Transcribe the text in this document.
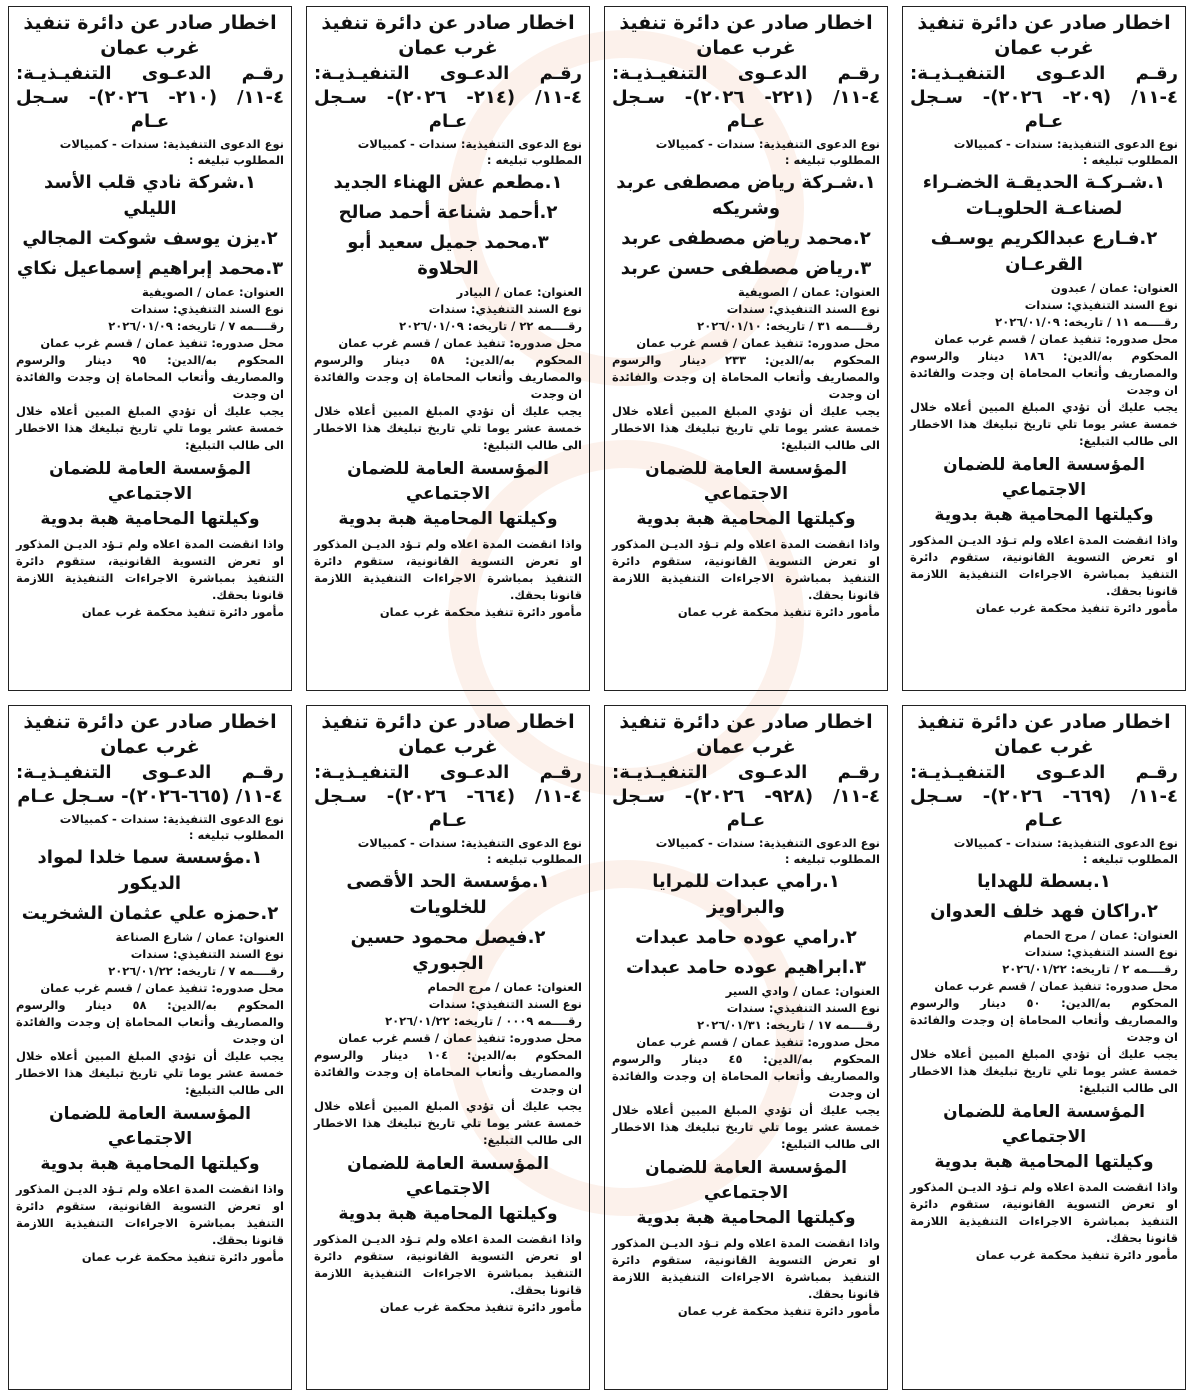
اخطار صادر عن دائرة تنفيذ غرب عمان

رقـم الدعـوى التنفيـذيـة: ٤-١١/ (٢٠٩- ٢٠٢٦)- سـجل عـام

نوع الدعوى التنفيذية: سندات - كمبيالات

المطلوب تبليغه :

١.شـركـة الحديقـة الخضـراء لصناعـة الحلويـات

٢.فـارع عبدالكريم يوسـف القرعـان

العنوان: عمان / عبدون

نوع السند التنفيذي: سندات

رقــــمه ١١ / تاريخه: ٢٠٢٦/٠١/٠٩

محل صدوره: تنفيذ عمان / قسم غرب عمان

المحكوم به/الدين: ١٨٦ دينار والرسوم والمصاريف وأتعاب المحاماة إن وجدت والفائدة ان وجدت

يجب عليك أن تؤدي المبلغ المبين أعلاه خلال خمسة عشر يوما تلي تاريخ تبليغك هذا الاخطار الى طالب التبليغ:

المؤسسة العامة للضمان الاجتماعي

وكيلتها المحامية هبة بدوية

واذا انقضت المدة اعلاه ولم تـؤد الديـن المذكور او تعرض التسوية القانونية، ستقوم دائرة التنفيذ بمباشرة الاجراءات التنفيذية اللازمة قانونا بحقك.

مأمور دائرة تنفيذ محكمة غرب عمان

اخطار صادر عن دائرة تنفيذ غرب عمان

رقـم الدعـوى التنفيـذيـة: ٤-١١/ (٢٢١- ٢٠٢٦)- سـجل عـام

نوع الدعوى التنفيذية: سندات - كمبيالات

المطلوب تبليغه :

١.شـركة رياض مصطفى عربد وشريكه

٢.محمد رياض مصطفى عربد

٣.رياض مصطفى حسن عربد

العنوان: عمان / الصويفية

نوع السند التنفيذي: سندات

رقــــمه ٣١ / تاريخه: ٢٠٢٦/٠١/١٠

محل صدوره: تنفيذ عمان / قسم غرب عمان

المحكوم به/الدين: ٢٣٣ دينار والرسوم والمصاريف وأتعاب المحاماة إن وجدت والفائدة ان وجدت

يجب عليك أن تؤدي المبلغ المبين أعلاه خلال خمسة عشر يوما تلي تاريخ تبليغك هذا الاخطار الى طالب التبليغ:

المؤسسة العامة للضمان الاجتماعي

وكيلتها المحامية هبة بدوية

واذا انقضت المدة اعلاه ولم تـؤد الديـن المذكور او تعرض التسوية القانونية، ستقوم دائرة التنفيذ بمباشرة الاجراءات التنفيذية اللازمة قانونا بحقك.

مأمور دائرة تنفيذ محكمة غرب عمان

اخطار صادر عن دائرة تنفيذ غرب عمان

رقـم الدعـوى التنفيـذيـة: ٤-١١/ (٢١٤- ٢٠٢٦)- سـجل عـام

نوع الدعوى التنفيذية: سندات - كمبيالات

المطلوب تبليغه :

١.مطعم عش الهناء الجديد

٢.أحمد شناعة أحمد صالح

٣.محمد جميل سعيد أبو الحلاوة

العنوان: عمان / البيادر

نوع السند التنفيذي: سندات

رقــــمه ٢٢ / تاريخه: ٢٠٢٦/٠١/٠٩

محل صدوره: تنفيذ عمان / قسم غرب عمان

المحكوم به/الدين: ٥٨ دينار والرسوم والمصاريف وأتعاب المحاماة إن وجدت والفائدة ان وجدت

يجب عليك أن تؤدي المبلغ المبين أعلاه خلال خمسة عشر يوما تلي تاريخ تبليغك هذا الاخطار الى طالب التبليغ:

المؤسسة العامة للضمان الاجتماعي

وكيلتها المحامية هبة بدوية

واذا انقضت المدة اعلاه ولم تـؤد الديـن المذكور او تعرض التسوية القانونية، ستقوم دائرة التنفيذ بمباشرة الاجراءات التنفيذية اللازمة قانونا بحقك.

مأمور دائرة تنفيذ محكمة غرب عمان

اخطار صادر عن دائرة تنفيذ غرب عمان

رقـم الدعـوى التنفيـذيـة: ٤-١١/ (٢١٠- ٢٠٢٦)- سـجل عـام

نوع الدعوى التنفيذية: سندات - كمبيالات

المطلوب تبليغه :

١.شركة نادي قلب الأسد الليلي

٢.يزن يوسف شوكت المجالي

٣.محمد إبراهيم إسماعيل نكاي

العنوان: عمان / الصويفية

نوع السند التنفيذي: سندات

رقــــمه ٧ / تاريخه: ٢٠٢٦/٠١/٠٩

محل صدوره: تنفيذ عمان / قسم غرب عمان

المحكوم به/الدين: ٩٥ دينار والرسوم والمصاريف وأتعاب المحاماة إن وجدت والفائدة ان وجدت

يجب عليك أن تؤدي المبلغ المبين أعلاه خلال خمسة عشر يوما تلي تاريخ تبليغك هذا الاخطار الى طالب التبليغ:

المؤسسة العامة للضمان الاجتماعي

وكيلتها المحامية هبة بدوية

واذا انقضت المدة اعلاه ولم تـؤد الديـن المذكور او تعرض التسوية القانونية، ستقوم دائرة التنفيذ بمباشرة الاجراءات التنفيذية اللازمة قانونا بحقك.

مأمور دائرة تنفيذ محكمة غرب عمان

اخطار صادر عن دائرة تنفيذ غرب عمان

رقـم الدعـوى التنفيـذيـة: ٤-١١/ (٦٦٩- ٢٠٢٦)- سـجل عـام

نوع الدعوى التنفيذية: سندات - كمبيالات

المطلوب تبليغه :

١.بسطة للهدايا

٢.راكان فهد خلف العدوان

العنوان: عمان / مرج الحمام

نوع السند التنفيذي: سندات

رقــــمه ٢ / تاريخه: ٢٠٢٦/٠١/٢٢

محل صدوره: تنفيذ عمان / قسم غرب عمان

المحكوم به/الدين: ٥٠ دينار والرسوم والمصاريف وأتعاب المحاماة إن وجدت والفائدة ان وجدت

يجب عليك أن تؤدي المبلغ المبين أعلاه خلال خمسة عشر يوما تلي تاريخ تبليغك هذا الاخطار الى طالب التبليغ:

المؤسسة العامة للضمان الاجتماعي

وكيلتها المحامية هبة بدوية

واذا انقضت المدة اعلاه ولم تـؤد الديـن المذكور او تعرض التسوية القانونية، ستقوم دائرة التنفيذ بمباشرة الاجراءات التنفيذية اللازمة قانونا بحقك.

مأمور دائرة تنفيذ محكمة غرب عمان

اخطار صادر عن دائرة تنفيذ غرب عمان

رقـم الدعـوى التنفيـذيـة: ٤-١١/ (٩٢٨- ٢٠٢٦)- سـجل عـام

نوع الدعوى التنفيذية: سندات - كمبيالات

المطلوب تبليغه :

١.رامي عبدات للمرايا والبراويز

٢.رامي عوده حامد عبدات

٣.ابراهيم عوده حامد عبدات

العنوان: عمان / وادي السير

نوع السند التنفيذي: سندات

رقــــمه ١٧ / تاريخه: ٢٠٢٦/٠١/٣١

محل صدوره: تنفيذ عمان / قسم غرب عمان

المحكوم به/الدين: ٤٥ دينار والرسوم والمصاريف وأتعاب المحاماة إن وجدت والفائدة ان وجدت

يجب عليك أن تؤدي المبلغ المبين أعلاه خلال خمسة عشر يوما تلي تاريخ تبليغك هذا الاخطار الى طالب التبليغ:

المؤسسة العامة للضمان الاجتماعي

وكيلتها المحامية هبة بدوية

واذا انقضت المدة اعلاه ولم تـؤد الديـن المذكور او تعرض التسوية القانونية، ستقوم دائرة التنفيذ بمباشرة الاجراءات التنفيذية اللازمة قانونا بحقك.

مأمور دائرة تنفيذ محكمة غرب عمان

اخطار صادر عن دائرة تنفيذ غرب عمان

رقـم الدعـوى التنفيـذيـة: ٤-١١/ (٦٦٤- ٢٠٢٦)- سـجل عـام

نوع الدعوى التنفيذية: سندات - كمبيالات

المطلوب تبليغه :

١.مؤسسة الحد الأقصى للخلويات

٢.فيصل محمود حسين الجبوري

العنوان: عمان / مرج الحمام

نوع السند التنفيذي: سندات

رقــــمه ٠٠٠٩ / تاريخه: ٢٠٢٦/٠١/٢٢

محل صدوره: تنفيذ عمان / قسم غرب عمان

المحكوم به/الدين: ١٠٤ دينار والرسوم والمصاريف وأتعاب المحاماة إن وجدت والفائدة ان وجدت

يجب عليك أن تؤدي المبلغ المبين أعلاه خلال خمسة عشر يوما تلي تاريخ تبليغك هذا الاخطار الى طالب التبليغ:

المؤسسة العامة للضمان الاجتماعي

وكيلتها المحامية هبة بدوية

واذا انقضت المدة اعلاه ولم تـؤد الديـن المذكور او تعرض التسوية القانونية، ستقوم دائرة التنفيذ بمباشرة الاجراءات التنفيذية اللازمة قانونا بحقك.

مأمور دائرة تنفيذ محكمة غرب عمان

اخطار صادر عن دائرة تنفيذ غرب عمان

رقـم الدعـوى التنفيـذيـة: ٤-١١/ (٦٦٥-٢٠٢٦)- سـجل عـام

نوع الدعوى التنفيذية: سندات - كمبيالات

المطلوب تبليغه :

١.مؤسسة سما خلدا لمواد الديكور

٢.حمزه علي عثمان الشخريت

العنوان: عمان / شارع الصناعة

نوع السند التنفيذي: سندات

رقــــمه ٧ / تاريخه: ٢٠٢٦/٠١/٢٢

محل صدوره: تنفيذ عمان / قسم غرب عمان

المحكوم به/الدين: ٥٨ دينار والرسوم والمصاريف وأتعاب المحاماة إن وجدت والفائدة ان وجدت

يجب عليك أن تؤدي المبلغ المبين أعلاه خلال خمسة عشر يوما تلي تاريخ تبليغك هذا الاخطار الى طالب التبليغ:

المؤسسة العامة للضمان الاجتماعي

وكيلتها المحامية هبة بدوية

واذا انقضت المدة اعلاه ولم تـؤد الديـن المذكور او تعرض التسوية القانونية، ستقوم دائرة التنفيذ بمباشرة الاجراءات التنفيذية اللازمة قانونا بحقك.

مأمور دائرة تنفيذ محكمة غرب عمان
